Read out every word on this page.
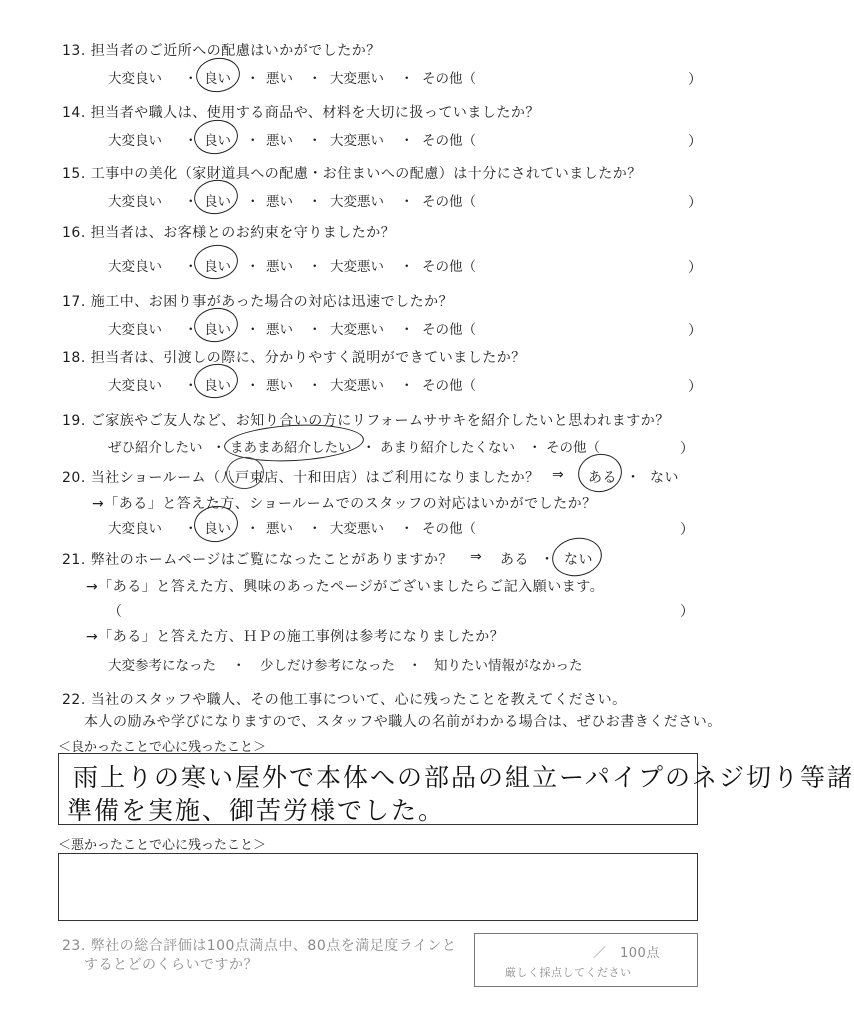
13. 担当者のご近所への配慮はいかがでしたか？
大変良い ・ 良い ・ 悪い ・ 大変悪い ・ その他（	）
14. 担当者や職人は、使用する商品や、材料を大切に扱っていましたか？
大変良い ・ 良い ・ 悪い ・ 大変悪い ・ その他（	）
15. 工事中の美化（家財道具への配慮・お住まいへの配慮）は十分にされていましたか？
大変良い ・ 良い ・ 悪い ・ 大変悪い ・ その他（	）
16. 担当者は、お客様とのお約束を守りましたか？
大変良い ・ 良い ・ 悪い ・ 大変悪い ・ その他（	）
17. 施工中、お困り事があった場合の対応は迅速でしたか？
大変良い ・ 良い ・ 悪い ・ 大変悪い ・ その他（	）
18. 担当者は、引渡しの際に、分かりやすく説明ができていましたか？
大変良い ・ 良い ・ 悪い ・ 大変悪い ・ その他（	）
19. ご家族やご友人など、お知り合いの方にリフォームササキを紹介したいと思われますか？
ぜひ紹介したい ・ まあまあ紹介したい ・ あまり紹介したくない ・ その他（	）
20. 当社ショールーム（八戸東店、十和田店）はご利用になりましたか？ ⇒ ある ・ ない
→「ある」と答えた方、ショールームでのスタッフの対応はいかがでしたか？
大変良い ・ 良い ・ 悪い ・ 大変悪い ・ その他（	）
21. 弊社のホームページはご覧になったことがありますか？ ⇒ ある ・ ない
→「ある」と答えた方、興味のあったページがございましたらご記入願います。
（	）
→「ある」と答えた方、ＨＰの施工事例は参考になりましたか？
大変参考になった ・ 少しだけ参考になった ・ 知りたい情報がなかった
22. 当社のスタッフや職人、その他工事について、心に残ったことを教えてください。
本人の励みや学びになりますので、スタッフや職人の名前がわかる場合は、ぜひお書きください。
＜良かったことで心に残ったこと＞
雨上りの寒い屋外で本体への部品の組立ーパイプのネジ切り等諸
準備を実施、御苦労様でした。
＜悪かったことで心に残ったこと＞
23. 弊社の総合評価は100点満点中、80点を満足度ラインと
するとどのくらいですか？
／　100点
厳しく採点してください
